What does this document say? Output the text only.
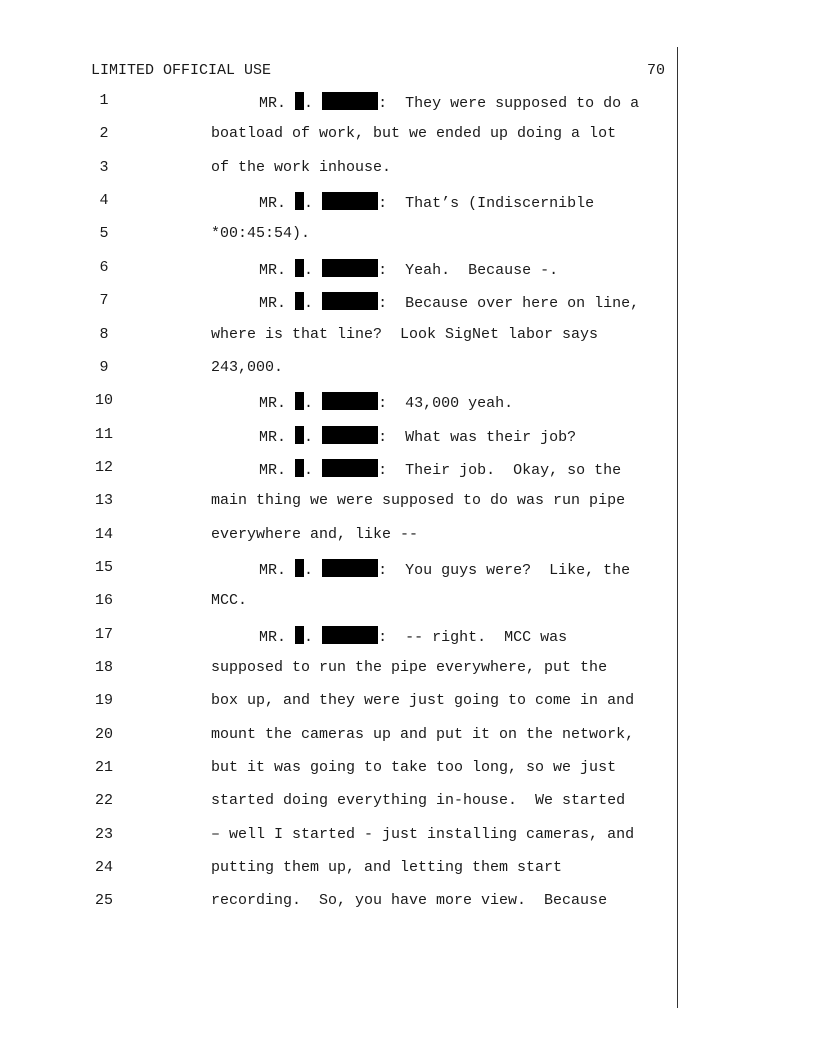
LIMITED OFFICIAL USE	70
1	MR. .	: They were supposed to do a
2	boatload of work, but we ended up doing a lot
3	of the work inhouse.
4	MR. .	: That’s (Indiscernible
5	*00:45:54).
6	MR. .	: Yeah.  Because -.
7	MR. .	: Because over here on line,
8	where is that line?  Look SigNet labor says
9	243,000.
10	MR. .	: 43,000 yeah.
11	MR. .	: What was their job?
12	MR. .	: Their job.  Okay, so the
13	main thing we were supposed to do was run pipe
14	everywhere and, like --
15	MR. .	: You guys were?  Like, the
16	MCC.
17	MR. .	: -- right.  MCC was
18	supposed to run the pipe everywhere, put the
19	box up, and they were just going to come in and
20	mount the cameras up and put it on the network,
21	but it was going to take too long, so we just
22	started doing everything in-house.  We started
23	– well I started - just installing cameras, and
24	putting them up, and letting them start
25	recording.  So, you have more view.  Because
